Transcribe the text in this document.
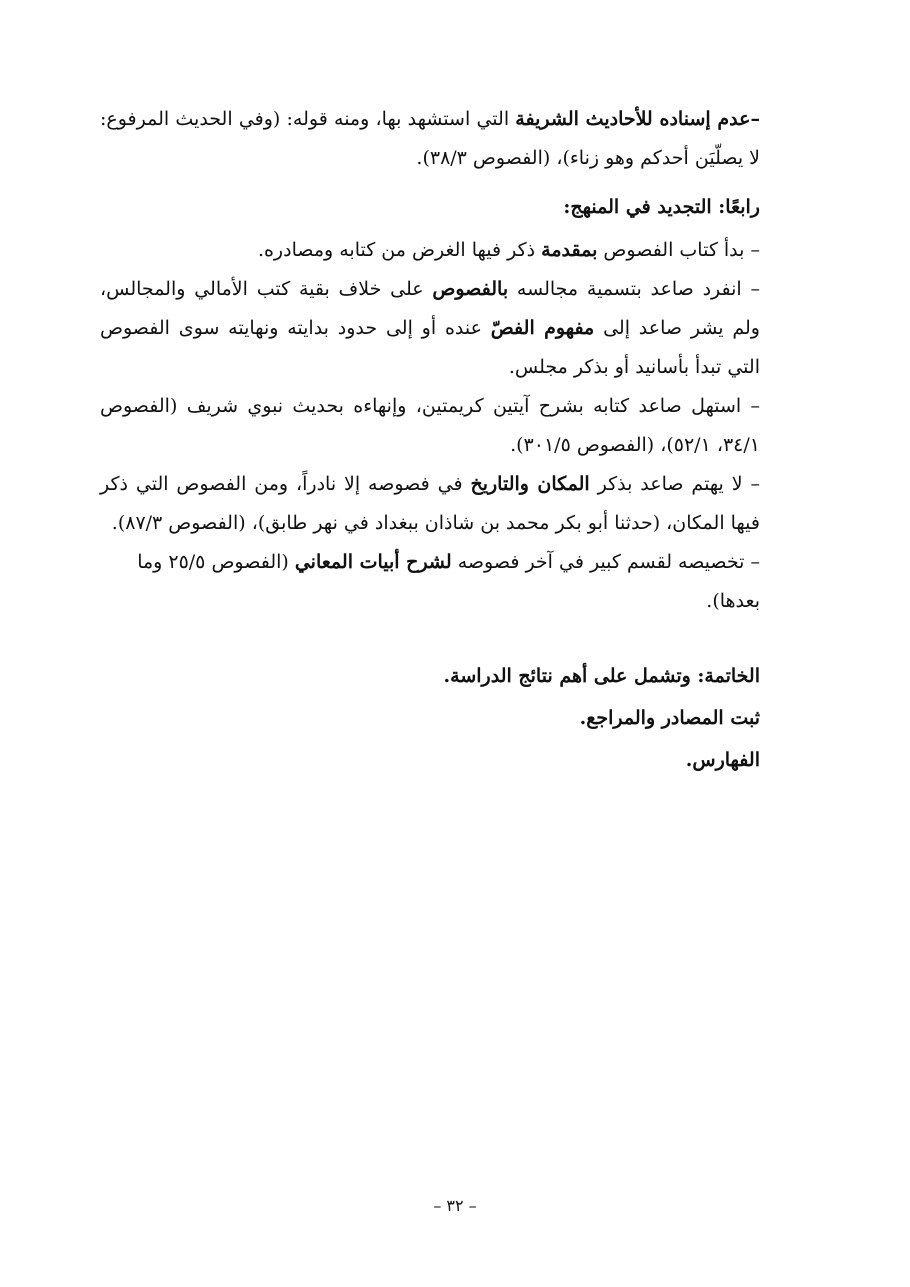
–عدم إسناده للأحاديث الشريفة التي استشهد بها، ومنه قوله: (وفي الحديث المرفوع: لا يصلّيَن أحدكم وهو زناء)، (الفصوص ٣٨/٣).

رابعًا: التجديد في المنهج:

– بدأ كتاب الفصوص بمقدمة ذكر فيها الغرض من كتابه ومصادره.
– انفرد صاعد بتسمية مجالسه بالفصوص على خلاف بقية كتب الأمالي والمجالس، ولم يشر صاعد إلى مفهوم الفصّ عنده أو إلى حدود بدايته ونهايته سوى الفصوص التي تبدأ بأسانيد أو بذكر مجلس.
– استهل صاعد كتابه بشرح آيتين كريمتين، وإنهاءه بحديث نبوي شريف (الفصوص ٣٤/١، ٥٢/١)، (الفصوص ٣٠١/٥).
– لا يهتم صاعد بذكر المكان والتاريخ في فصوصه إلا نادراً، ومن الفصوص التي ذكر فيها المكان، (حدثنا أبو بكر محمد بن شاذان ببغداد في نهر طابق)، (الفصوص ٨٧/٣).
– تخصيصه لقسم كبير في آخر فصوصه لشرح أبيات المعاني (الفصوص ٢٥/٥ وما بعدها).

الخاتمة: وتشمل على أهم نتائج الدراسة.

ثبت المصادر والمراجع.

الفهارس.

– ٣٢ –
